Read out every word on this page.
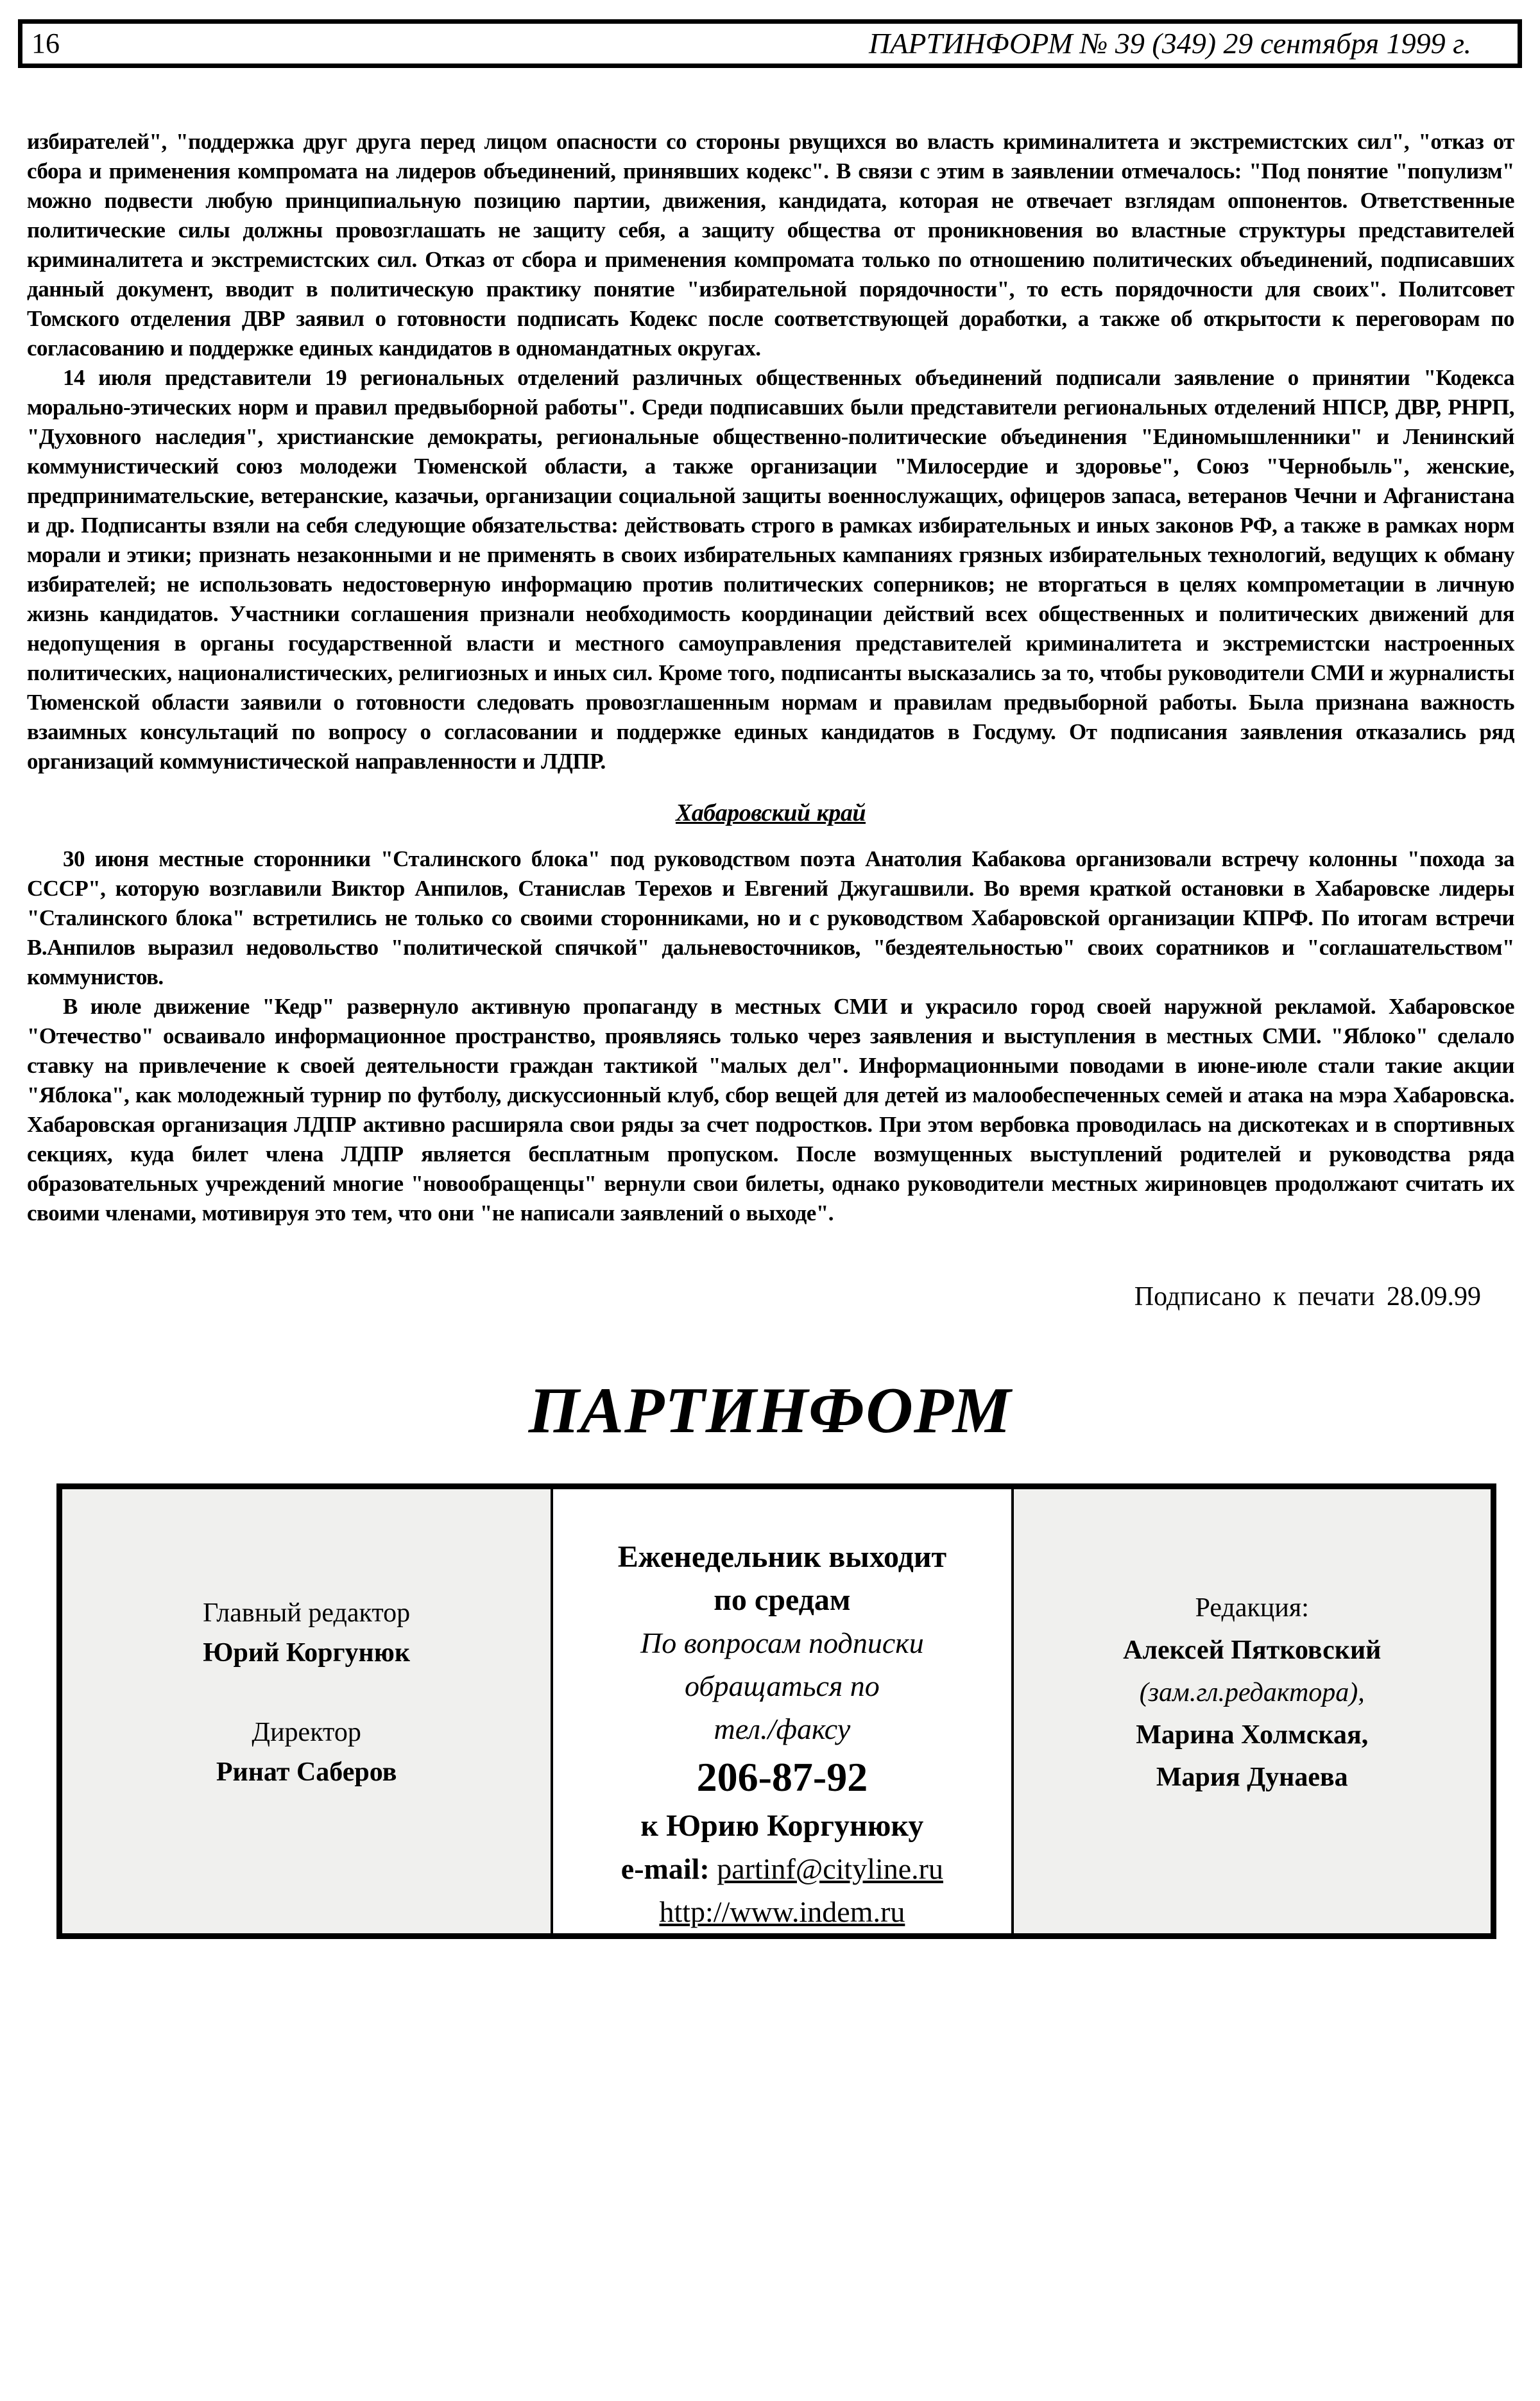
16	ПАРТИНФОРМ № 39 (349) 29 сентября 1999 г.

избирателей", "поддержка друг друга перед лицом опасности со стороны рвущихся во власть криминалитета и экстремистских сил", "отказ от сбора и применения компромата на лидеров объединений, принявших кодекс". В связи с этим в заявлении отмечалось: "Под понятие "популизм" можно подвести любую принципиальную позицию партии, движения, кандидата, которая не отвечает взглядам оппонентов. Ответственные политические силы должны провозглашать не защиту себя, а защиту общества от проникновения во властные структуры представителей криминалитета и экстремистских сил. Отказ от сбора и применения компромата только по отношению политических объединений, подписавших данный документ, вводит в политическую практику понятие "избирательной порядочности", то есть порядочности для своих". Политсовет Томского отделения ДВР заявил о готовности подписать Кодекс после соответствующей доработки, а также об открытости к переговорам по согласованию и поддержке единых кандидатов в одномандатных округах.

14 июля представители 19 региональных отделений различных общественных объединений подписали заявление о принятии "Кодекса морально-этических норм и правил предвыборной работы". Среди подписавших были представители региональных отделений НПСР, ДВР, РНРП, "Духовного наследия", христианские демократы, региональные общественно-политические объединения "Единомышленники" и Ленинский коммунистический союз молодежи Тюменской области, а также организации "Милосердие и здоровье", Союз "Чернобыль", женские, предпринимательские, ветеранские, казачьи, организации социальной защиты военнослужащих, офицеров запаса, ветеранов Чечни и Афганистана и др. Подписанты взяли на себя следующие обязательства: действовать строго в рамках избирательных и иных законов РФ, а также в рамках норм морали и этики; признать незаконными и не применять в своих избирательных кампаниях грязных избирательных технологий, ведущих к обману избирателей; не использовать недостоверную информацию против политических соперников; не вторгаться в целях компрометации в личную жизнь кандидатов. Участники соглашения признали необходимость координации действий всех общественных и политических движений для недопущения в органы государственной власти и местного самоуправления представителей криминалитета и экстремистски настроенных политических, националистических, религиозных и иных сил. Кроме того, подписанты высказались за то, чтобы руководители СМИ и журналисты Тюменской области заявили о готовности следовать провозглашенным нормам и правилам предвыборной работы. Была признана важность взаимных консультаций по вопросу о согласовании и поддержке единых кандидатов в Госдуму. От подписания заявления отказались ряд организаций коммунистической направленности и ЛДПР.

Хабаровский край

30 июня местные сторонники "Сталинского блока" под руководством поэта Анатолия Кабакова организовали встречу колонны "похода за СССР", которую возглавили Виктор Анпилов, Станислав Терехов и Евгений Джугашвили. Во время краткой остановки в Хабаровске лидеры "Сталинского блока" встретились не только со своими сторонниками, но и с руководством Хабаровской организации КПРФ. По итогам встречи В.Анпилов выразил недовольство "политической спячкой" дальневосточников, "бездеятельностью" своих соратников и "соглашательством" коммунистов.

В июле движение "Кедр" развернуло активную пропаганду в местных СМИ и украсило город своей наружной рекламой. Хабаровское "Отечество" осваивало информационное пространство, проявляясь только через заявления и выступления в местных СМИ. "Яблоко" сделало ставку на привлечение к своей деятельности граждан тактикой "малых дел". Информационными поводами в июне-июле стали такие акции "Яблока", как молодежный турнир по футболу, дискуссионный клуб, сбор вещей для детей из малообеспеченных семей и атака на мэра Хабаровска. Хабаровская организация ЛДПР активно расширяла свои ряды за счет подростков. При этом вербовка проводилась на дискотеках и в спортивных секциях, куда билет члена ЛДПР является бесплатным пропуском. После возмущенных выступлений родителей и руководства ряда образовательных учреждений многие "новообращенцы" вернули свои билеты, однако руководители местных жириновцев продолжают считать их своими членами, мотивируя это тем, что они "не написали заявлений о выходе".

Подписано к печати 28.09.99
ПАРТИНФОРМ
Главный редактор
Юрий Коргунюк
Директор
Ринат Саберов
Еженедельник выходит
по средам
По вопросам подписки
обращаться по
тел./факсу
206-87-92
к Юрию Коргунюку
e-mail: partinf@cityline.ru
http://www.indem.ru
Редакция:
Алексей Пятковский
(зам.гл.редактора),
Марина Холмская,
Мария Дунаева
